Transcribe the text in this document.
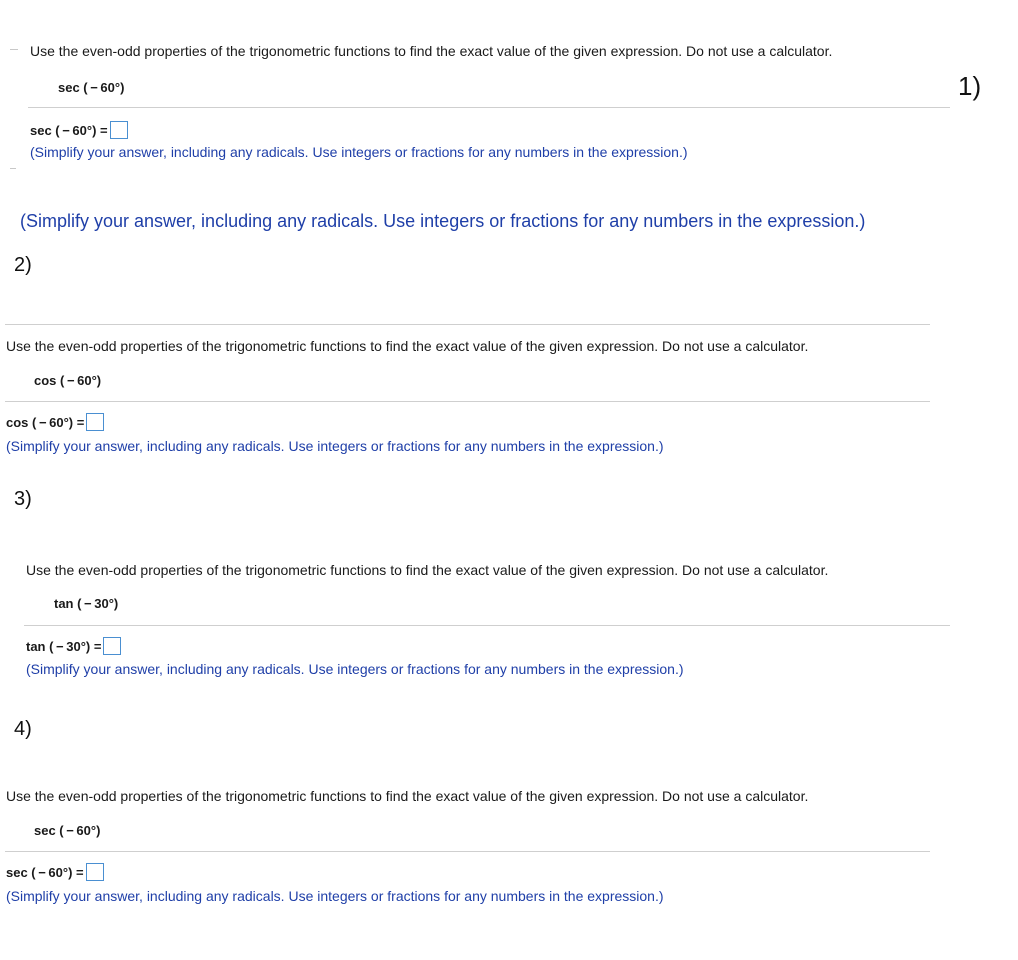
Use the even-odd properties of the trigonometric functions to find the exact value of the given expression. Do not use a calculator.
sec ( − 60°)	1)
sec ( − 60°) =
(Simplify your answer, including any radicals. Use integers or fractions for any numbers in the expression.)
(Simplify your answer, including any radicals. Use integers or fractions for any numbers in the expression.)
2)
Use the even-odd properties of the trigonometric functions to find the exact value of the given expression. Do not use a calculator.
cos ( − 60°)
cos ( − 60°) =
(Simplify your answer, including any radicals. Use integers or fractions for any numbers in the expression.)
3)
Use the even-odd properties of the trigonometric functions to find the exact value of the given expression. Do not use a calculator.
tan ( − 30°)
tan ( − 30°) =
(Simplify your answer, including any radicals. Use integers or fractions for any numbers in the expression.)
4)
Use the even-odd properties of the trigonometric functions to find the exact value of the given expression. Do not use a calculator.
sec ( − 60°)
sec ( − 60°) =
(Simplify your answer, including any radicals. Use integers or fractions for any numbers in the expression.)
